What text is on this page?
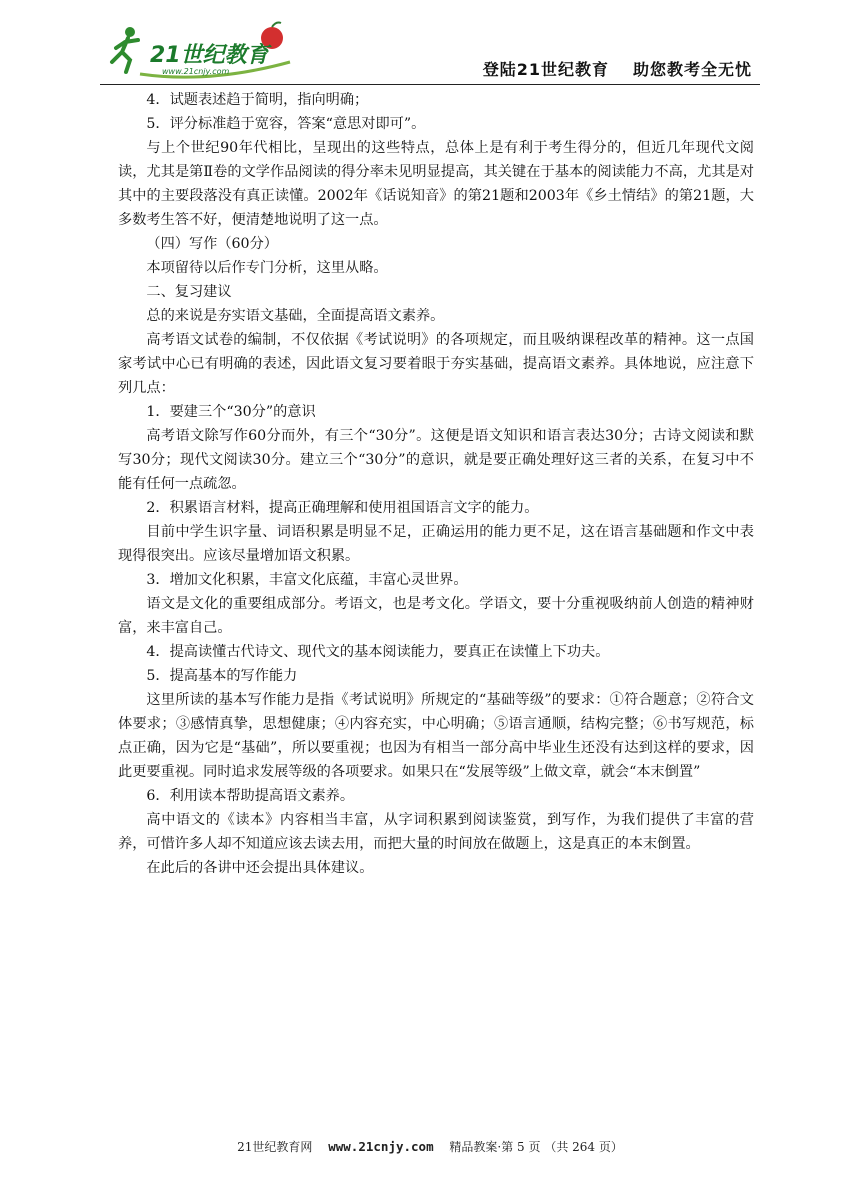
21世纪教育
www.21cnjy.com	登陆21世纪教育 助您教考全无忧

4．试题表述趋于简明，指向明确；

5．评分标准趋于宽容，答案“意思对即可”。

与上个世纪90年代相比，呈现出的这些特点，总体上是有利于考生得分的，但近几年现代文阅读，尤其是第Ⅱ卷的文学作品阅读的得分率未见明显提高，其关键在于基本的阅读能力不高，尤其是对其中的主要段落没有真正读懂。2002年《话说知音》的第21题和2003年《乡土情结》的第21题，大多数考生答不好，便清楚地说明了这一点。

（四）写作（60分）

本项留待以后作专门分析，这里从略。

二、复习建议

总的来说是夯实语文基础，全面提高语文素养。

高考语文试卷的编制，不仅依据《考试说明》的各项规定，而且吸纳课程改革的精神。这一点国家考试中心已有明确的表述，因此语文复习要着眼于夯实基础，提高语文素养。具体地说，应注意下列几点：

1．要建三个“30分”的意识

高考语文除写作60分而外，有三个“30分”。这便是语文知识和语言表达30分；古诗文阅读和默写30分；现代文阅读30分。建立三个“30分”的意识，就是要正确处理好这三者的关系，在复习中不能有任何一点疏忽。

2．积累语言材料，提高正确理解和使用祖国语言文字的能力。

目前中学生识字量、词语积累是明显不足，正确运用的能力更不足，这在语言基础题和作文中表现得很突出。应该尽量增加语文积累。

3．增加文化积累，丰富文化底蕴，丰富心灵世界。

语文是文化的重要组成部分。考语文，也是考文化。学语文，要十分重视吸纳前人创造的精神财富，来丰富自己。

4．提高读懂古代诗文、现代文的基本阅读能力，要真正在读懂上下功夫。

5．提高基本的写作能力

这里所读的基本写作能力是指《考试说明》所规定的“基础等级”的要求：①符合题意；②符合文体要求；③感情真挚，思想健康；④内容充实，中心明确；⑤语言通顺，结构完整；⑥书写规范，标点正确，因为它是“基础”，所以要重视；也因为有相当一部分高中毕业生还没有达到这样的要求，因此更要重视。同时追求发展等级的各项要求。如果只在“发展等级”上做文章，就会“本末倒置”

6．利用读本帮助提高语文素养。

高中语文的《读本》内容相当丰富，从字词积累到阅读鉴赏，到写作，为我们提供了丰富的营养，可惜许多人却不知道应该去读去用，而把大量的时间放在做题上，这是真正的本末倒置。

在此后的各讲中还会提出具体建议。

21世纪教育网 www.21cnjy.com 精品教案·第 5 页 （共 264 页）
